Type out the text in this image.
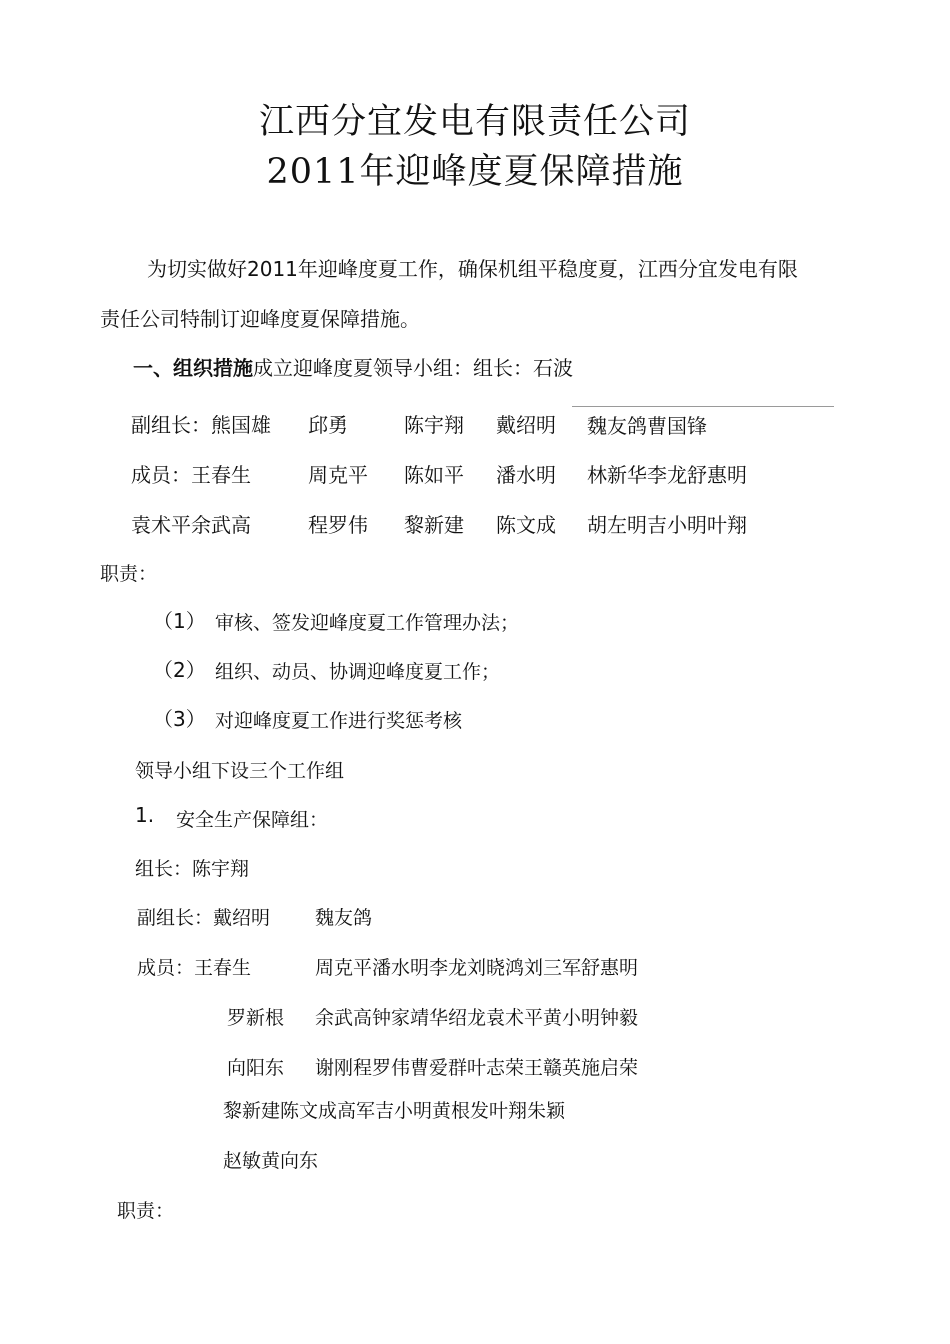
江西分宜发电有限责任公司
2011年迎峰度夏保障措施
为切实做好2011年迎峰度夏工作，确保机组平稳度夏，江西分宜发电有限
责任公司特制订迎峰度夏保障措施。
一、组织措施成立迎峰度夏领导小组：组长：石波
副组长：熊国雄 邱勇	陈宇翔 戴绍明 魏友鸽曹国锋
成员：王春生	周克平 陈如平 潘水明 林新华李龙舒惠明
袁术平余武高	程罗伟 黎新建 陈文成 胡左明吉小明叶翔
职责：
（1） 审核、签发迎峰度夏工作管理办法；
（2） 组织、动员、协调迎峰度夏工作；
（3） 对迎峰度夏工作进行奖惩考核
领导小组下设三个工作组
1. 安全生产保障组：
组长：陈宇翔
副组长：戴绍明 魏友鸽
成员：王春生	周克平潘水明李龙刘晓鸿刘三军舒惠明
罗新根 余武高钟家靖华绍龙袁术平黄小明钟毅
向阳东 谢刚程罗伟曹爱群叶志荣王赣英施启荣
黎新建陈文成高军吉小明黄根发叶翔朱颖
赵敏黄向东
职责：
